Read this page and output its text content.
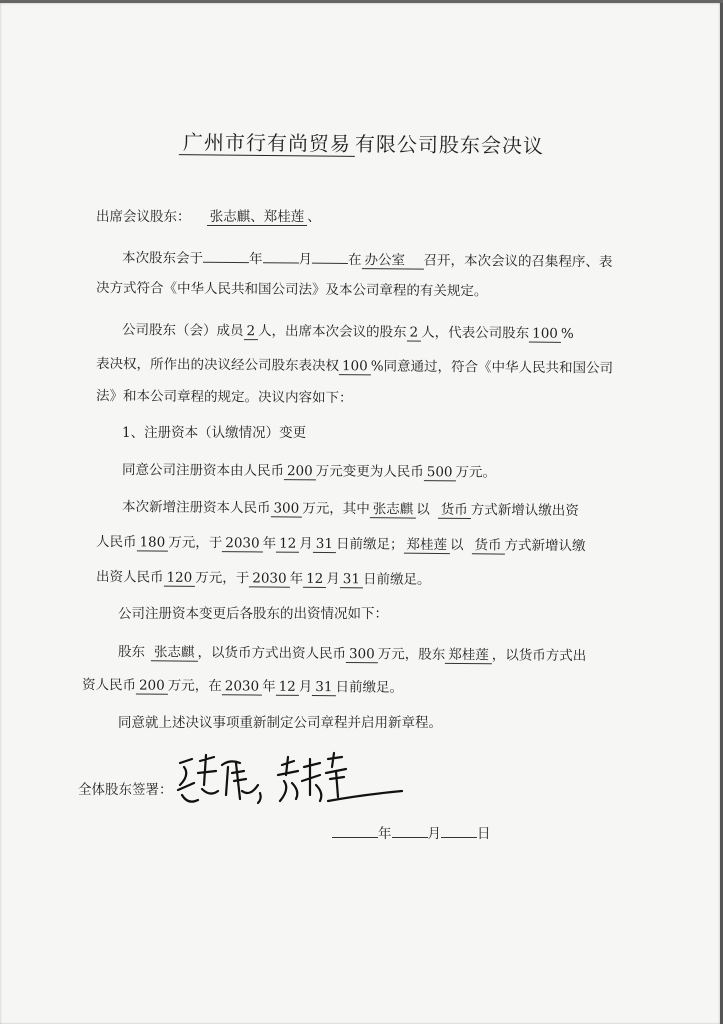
广州市行有尚贸易 有限公司股东会决议
出席会议股东： 张志麒、郑桂莲 、
本次股东会于	年	月	在 办公室 召开，本次会议的召集程序、表
决方式符合《中华人民共和国公司法》及本公司章程的有关规定。
公司股东（会）成员 2 人，出席本次会议的股东 2 人，代表公司股东 100 %
表决权，所作出的决议经公司股东表决权 100 %同意通过，符合《中华人民共和国公司
法》和本公司章程的规定。决议内容如下：
1、注册资本（认缴情况）变更
同意公司注册资本由人民币 200 万元变更为人民币 500 万元。
本次新增注册资本人民币 300 万元，其中 张志麒 以 货币 方式新增认缴出资
人民币 180 万元，于 2030 年 12 月 31 日前缴足； 郑桂莲 以 货币 方式新增认缴
出资人民币 120 万元，于 2030 年 12 月 31 日前缴足。
公司注册资本变更后各股东的出资情况如下：
股东 张志麒 ，以货币方式出资人民币 300 万元，股东 郑桂莲 ，以货币方式出
资人民币 200 万元，在 2030 年 12 月 31 日前缴足。
同意就上述决议事项重新制定公司章程并启用新章程。
全体股东签署：
年	月	日
